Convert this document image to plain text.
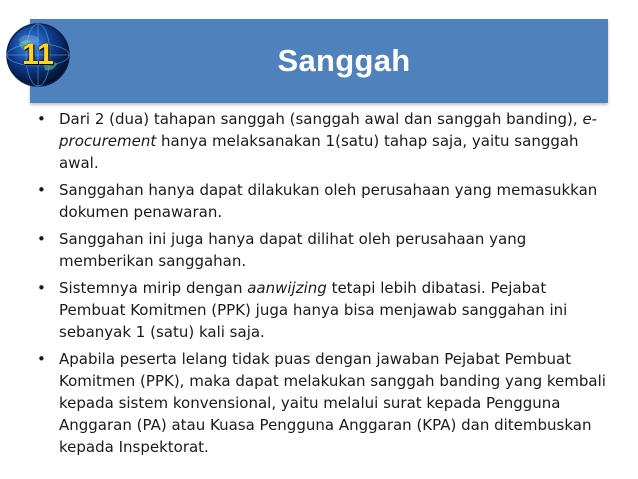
Sanggah
11
• Dari 2 (dua) tahapan sanggah (sanggah awal dan sanggah banding), e-procurement hanya melaksanakan 1(satu) tahap saja, yaitu sanggah awal.
• Sanggahan hanya dapat dilakukan oleh perusahaan yang memasukkan dokumen penawaran.
• Sanggahan ini juga hanya dapat dilihat oleh perusahaan yang memberikan sanggahan.
• Sistemnya mirip dengan aanwijzing tetapi lebih dibatasi. Pejabat Pembuat Komitmen (PPK) juga hanya bisa menjawab sanggahan ini sebanyak 1 (satu) kali saja.
• Apabila peserta lelang tidak puas dengan jawaban Pejabat Pembuat Komitmen (PPK), maka dapat melakukan sanggah banding yang kembali kepada sistem konvensional, yaitu melalui surat kepada Pengguna Anggaran (PA) atau Kuasa Pengguna Anggaran (KPA) dan ditembuskan kepada Inspektorat.
